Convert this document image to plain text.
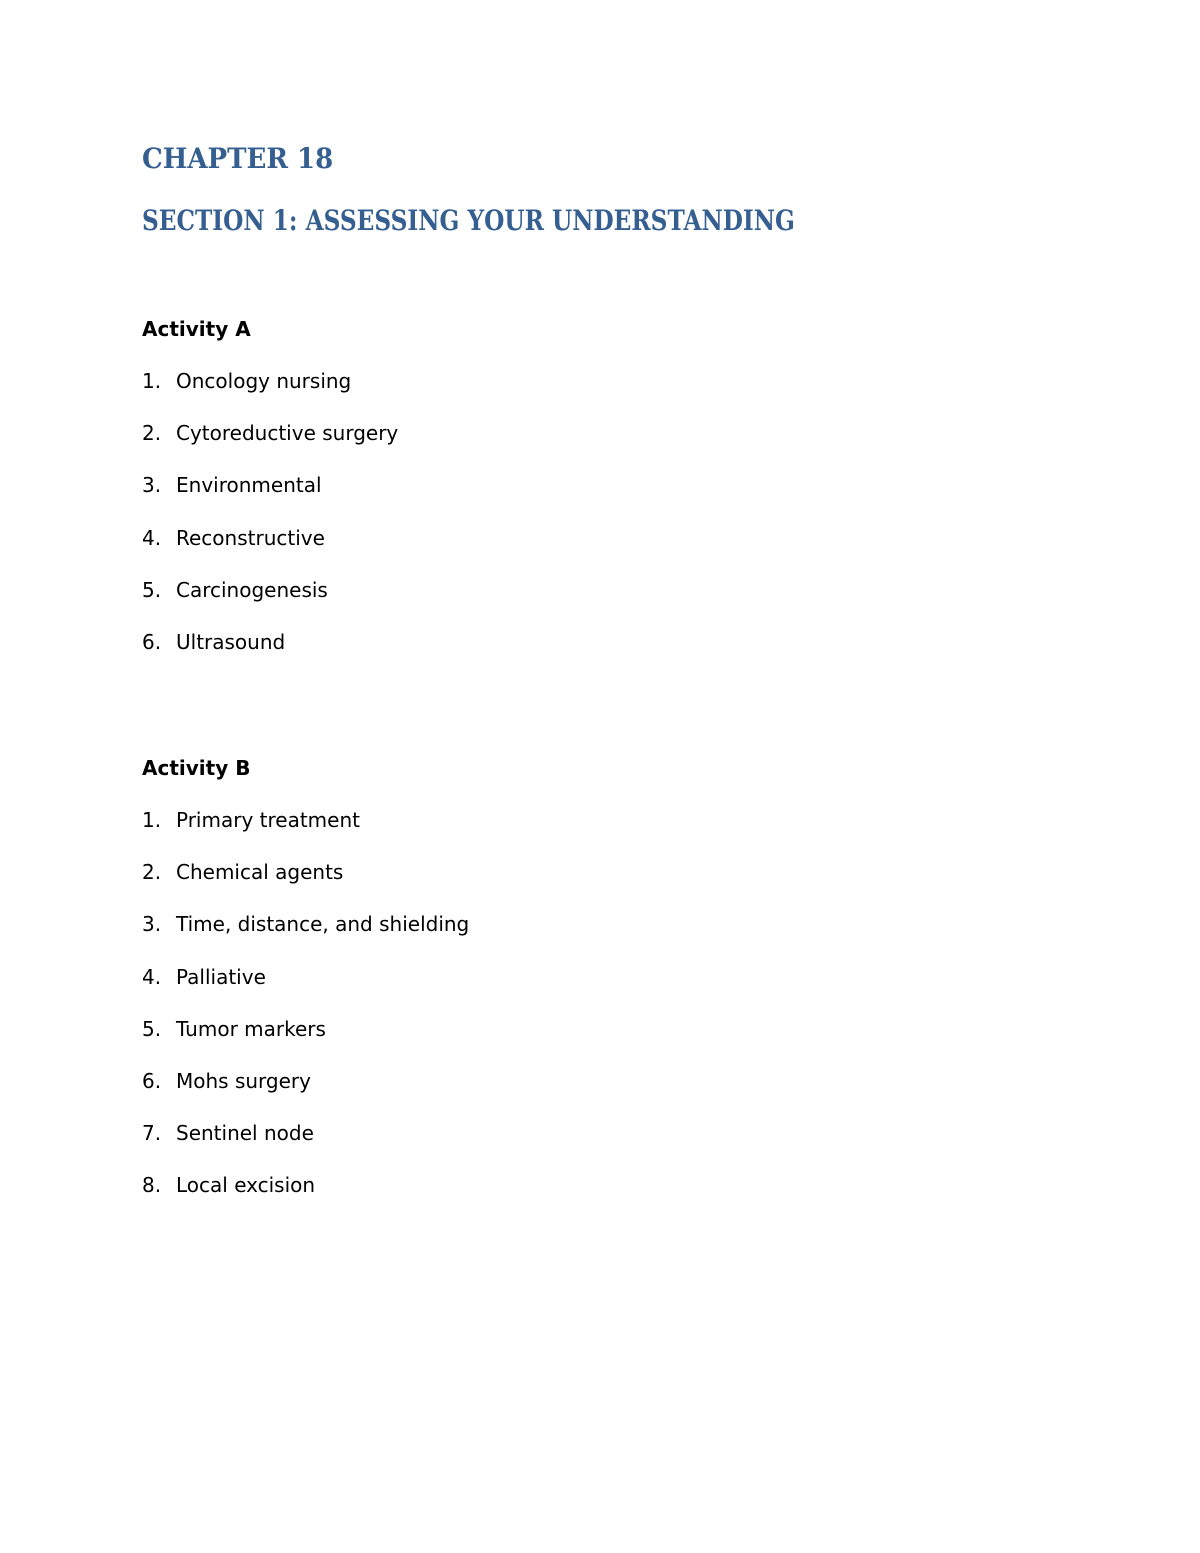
CHAPTER 18
SECTION 1: ASSESSING YOUR UNDERSTANDING
Activity A
1. Oncology nursing
2. Cytoreductive surgery
3. Environmental
4. Reconstructive
5. Carcinogenesis
6. Ultrasound
Activity B
1. Primary treatment
2. Chemical agents
3. Time, distance, and shielding
4. Palliative
5. Tumor markers
6. Mohs surgery
7. Sentinel node
8. Local excision
